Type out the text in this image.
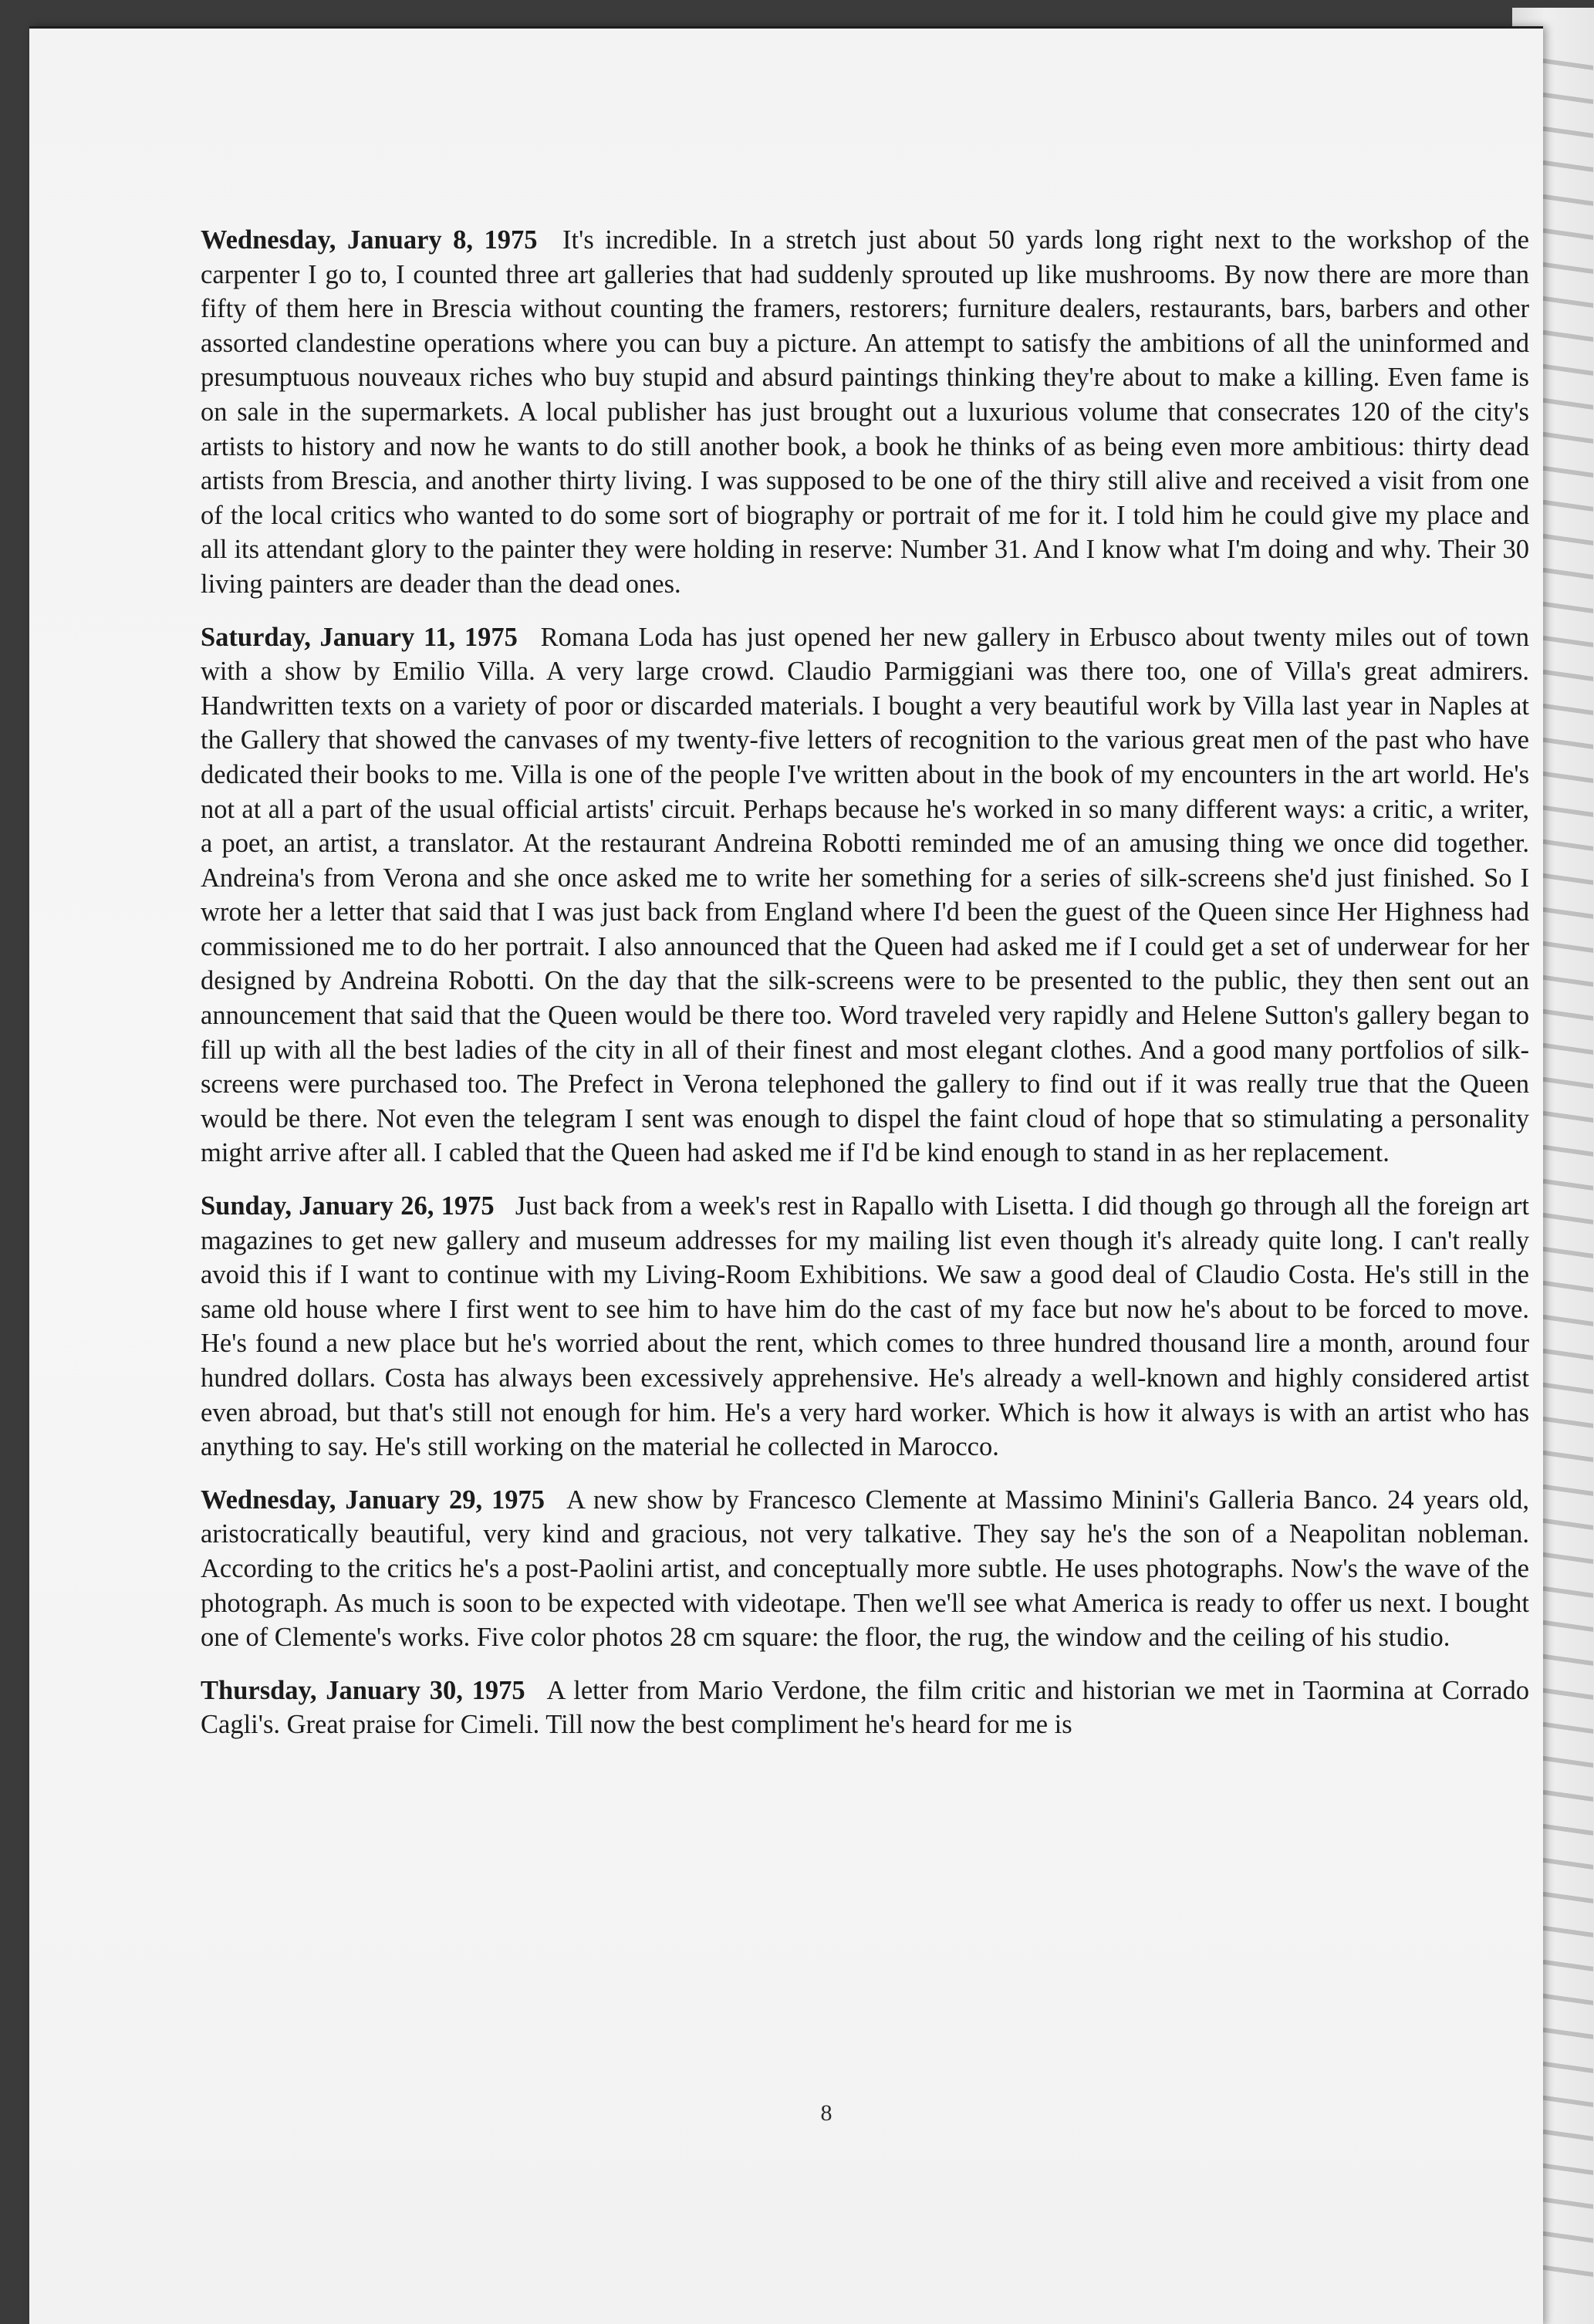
Wednesday, January 8, 1975 It's incredible. In a stretch just about 50 yards long right next to the workshop of the carpenter I go to, I counted three art galleries that had suddenly sprouted up like mushrooms. By now there are more than fifty of them here in Brescia without counting the framers, restorers; furniture dealers, restaurants, bars, barbers and other assorted clandestine operations where you can buy a picture. An attempt to satisfy the ambitions of all the uninformed and presumptuous nouveaux riches who buy stupid and absurd paintings thinking they're about to make a killing. Even fame is on sale in the supermarkets. A local publisher has just brought out a luxurious volume that consecrates 120 of the city's artists to history and now he wants to do still another book, a book he thinks of as being even more ambitious: thirty dead artists from Brescia, and another thirty living. I was supposed to be one of the thiry still alive and received a visit from one of the local critics who wanted to do some sort of biography or portrait of me for it. I told him he could give my place and all its attendant glory to the painter they were holding in reserve: Number 31. And I know what I'm doing and why. Their 30 living painters are deader than the dead ones.

Saturday, January 11, 1975 Romana Loda has just opened her new gallery in Erbusco about twenty miles out of town with a show by Emilio Villa. A very large crowd. Claudio Parmiggiani was there too, one of Villa's great admirers. Handwritten texts on a variety of poor or discarded materials. I bought a very beautiful work by Villa last year in Naples at the Gallery that showed the canvases of my twenty-five letters of recognition to the various great men of the past who have dedicated their books to me. Villa is one of the people I've written about in the book of my encounters in the art world. He's not at all a part of the usual official artists' circuit. Perhaps because he's worked in so many different ways: a critic, a writer, a poet, an artist, a translator. At the restaurant Andreina Robotti reminded me of an amusing thing we once did together. Andreina's from Verona and she once asked me to write her something for a series of silk-screens she'd just finished. So I wrote her a letter that said that I was just back from England where I'd been the guest of the Queen since Her Highness had commissioned me to do her portrait. I also announced that the Queen had asked me if I could get a set of underwear for her designed by Andreina Robotti. On the day that the silk-screens were to be presented to the public, they then sent out an announcement that said that the Queen would be there too. Word traveled very rapidly and Helene Sutton's gallery began to fill up with all the best ladies of the city in all of their finest and most elegant clothes. And a good many portfolios of silk-screens were purchased too. The Prefect in Verona telephoned the gallery to find out if it was really true that the Queen would be there. Not even the telegram I sent was enough to dispel the faint cloud of hope that so stimulating a personality might arrive after all. I cabled that the Queen had asked me if I'd be kind enough to stand in as her replacement.

Sunday, January 26, 1975 Just back from a week's rest in Rapallo with Lisetta. I did though go through all the foreign art magazines to get new gallery and museum addresses for my mailing list even though it's already quite long. I can't really avoid this if I want to continue with my Living-Room Exhibitions. We saw a good deal of Claudio Costa. He's still in the same old house where I first went to see him to have him do the cast of my face but now he's about to be forced to move. He's found a new place but he's worried about the rent, which comes to three hundred thousand lire a month, around four hundred dollars. Costa has always been excessively apprehensive. He's already a well-known and highly considered artist even abroad, but that's still not enough for him. He's a very hard worker. Which is how it always is with an artist who has anything to say. He's still working on the material he collected in Marocco.

Wednesday, January 29, 1975 A new show by Francesco Clemente at Massimo Minini's Galleria Banco. 24 years old, aristocratically beautiful, very kind and gracious, not very talkative. They say he's the son of a Neapolitan nobleman. According to the critics he's a post-Paolini artist, and conceptually more subtle. He uses photographs. Now's the wave of the photograph. As much is soon to be expected with videotape. Then we'll see what America is ready to offer us next. I bought one of Clemente's works. Five color photos 28 cm square: the floor, the rug, the window and the ceiling of his studio.

Thursday, January 30, 1975 A letter from Mario Verdone, the film critic and historian we met in Taormina at Corrado Cagli's. Great praise for Cimeli. Till now the best compliment he's heard for me is

8
